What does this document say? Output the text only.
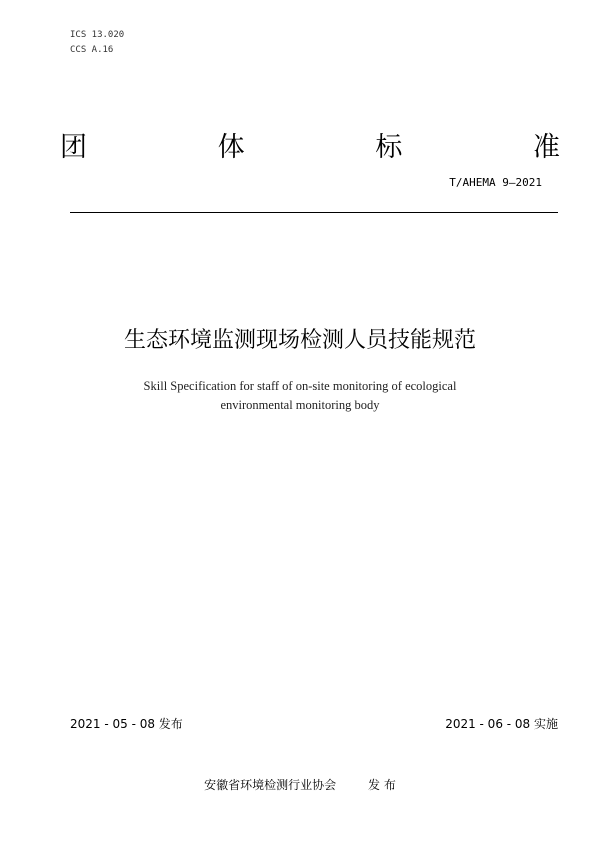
ICS 13.020
CCS A.16
团	体	标	准
T/AHEMA 9—2021
生态环境监测现场检测人员技能规范
Skill Specification for staff of on-site monitoring of ecological
environmental monitoring body
2021 - 05 - 08 发布	2021 - 06 - 08 实施
安徽省环境检测行业协会	发 布
